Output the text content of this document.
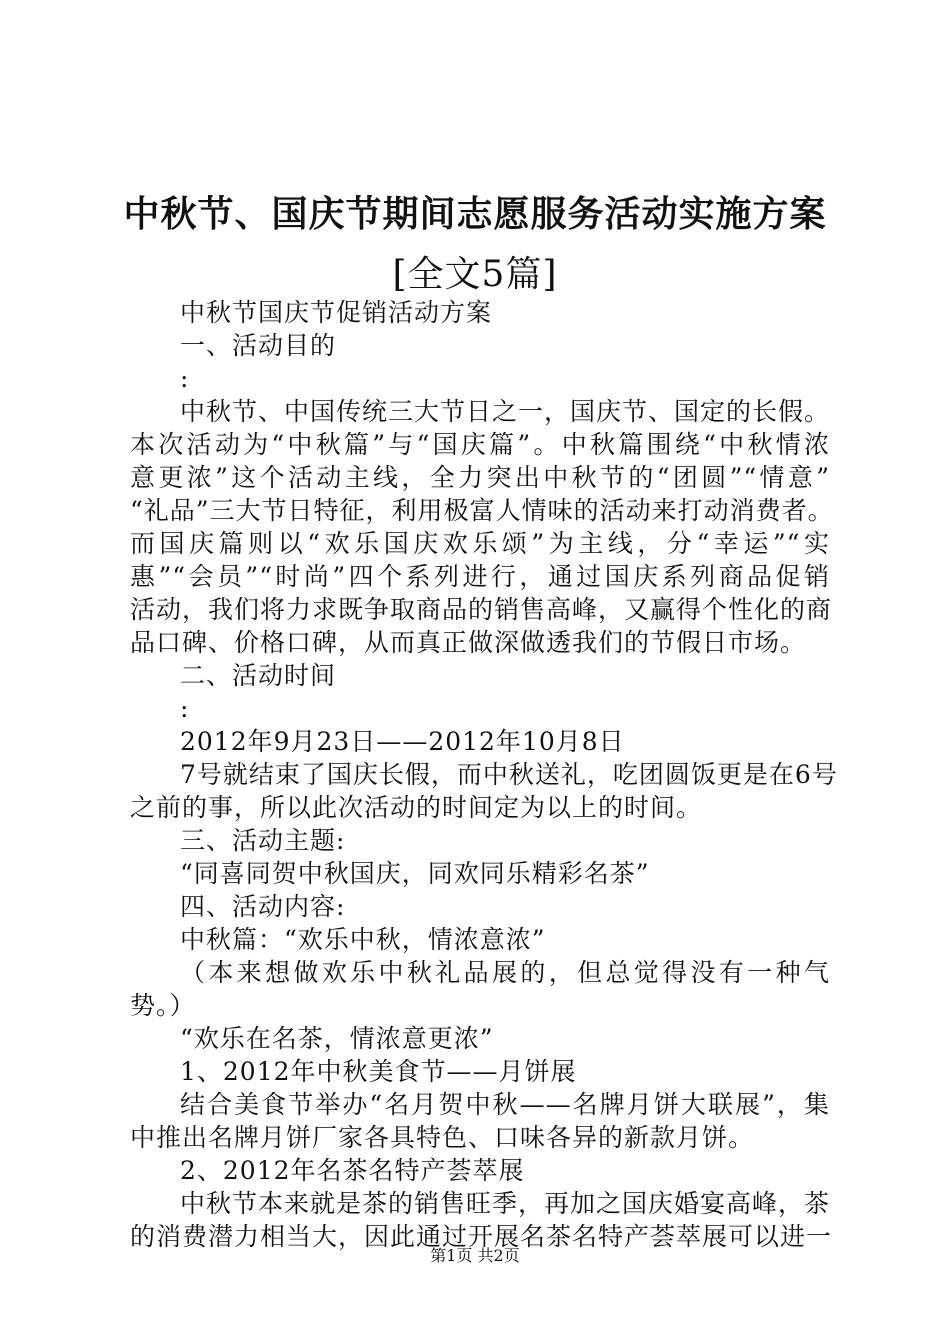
中秋节、国庆节期间志愿服务活动实施方案
[全文5篇]
中秋节国庆节促销活动方案
一、活动目的
:
中秋节、中国传统三大节日之一，国庆节、国定的长假。
本次活动为“中秋篇”与“国庆篇”。中秋篇围绕“中秋情浓
意更浓”这个活动主线，全力突出中秋节的“团圆”“情意”
“礼品”三大节日特征，利用极富人情味的活动来打动消费者。
而国庆篇则以“欢乐国庆欢乐颂”为主线，分“幸运”“实
惠”“会员”“时尚”四个系列进行，通过国庆系列商品促销
活动，我们将力求既争取商品的销售高峰，又赢得个性化的商
品口碑、价格口碑，从而真正做深做透我们的节假日市场。
二、活动时间
:
2012年9月23日——2012年10月8日
7号就结束了国庆长假，而中秋送礼，吃团圆饭更是在6号
之前的事，所以此次活动的时间定为以上的时间。
三、活动主题:
“同喜同贺中秋国庆，同欢同乐精彩名茶”
四、活动内容:
中秋篇：“欢乐中秋，情浓意浓”
（本来想做欢乐中秋礼品展的，但总觉得没有一种气
势。）
“欢乐在名茶，情浓意更浓”
1、2012年中秋美食节——月饼展
结合美食节举办“名月贺中秋——名牌月饼大联展”，集
中推出名牌月饼厂家各具特色、口味各异的新款月饼。
2、2012年名茶名特产荟萃展
中秋节本来就是茶的销售旺季，再加之国庆婚宴高峰，茶
的消费潜力相当大，因此通过开展名茶名特产荟萃展可以进一
第1页 共2页
